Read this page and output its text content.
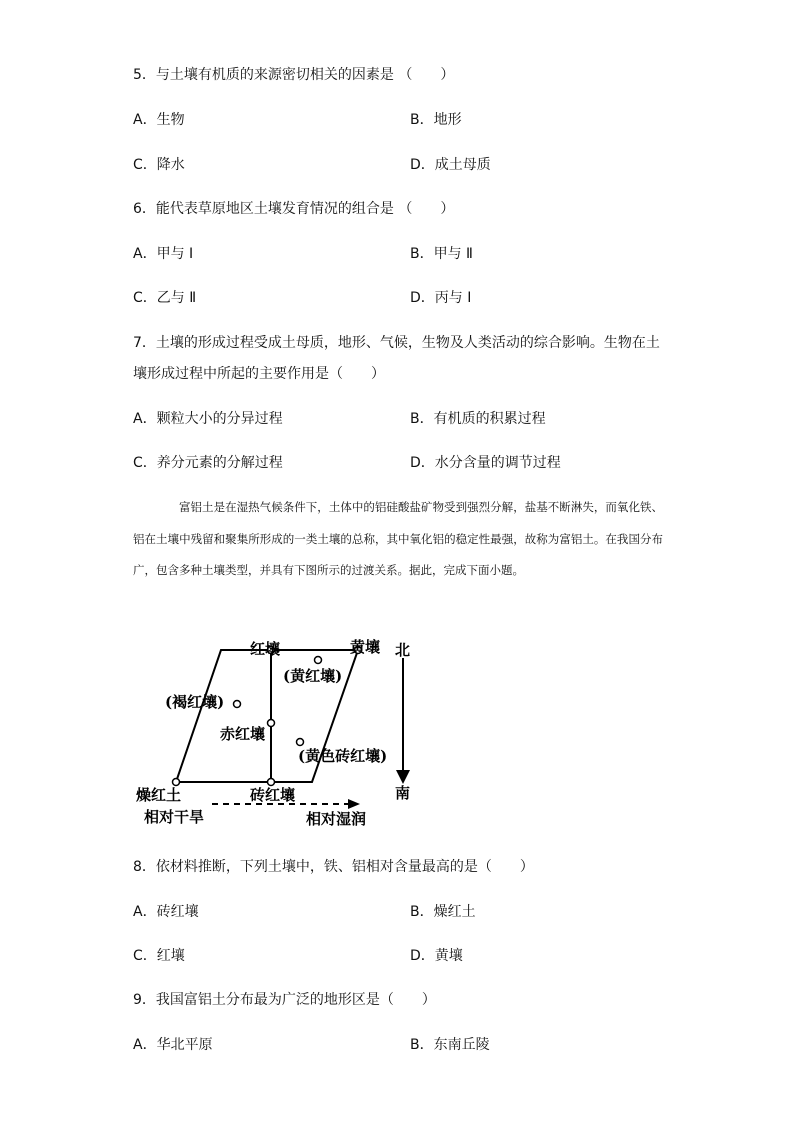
5．与土壤有机质的来源密切相关的因素是 （　　）
A．生物	B．地形
C．降水	D．成土母质
6．能代表草原地区土壤发育情况的组合是 （　　）
A．甲与 Ⅰ	B．甲与 Ⅱ
C．乙与 Ⅱ	D．丙与 Ⅰ
7．土壤的形成过程受成土母质，地形、气候，生物及人类活动的综合影响。生物在土
壤形成过程中所起的主要作用是（　　）
A．颗粒大小的分异过程	B．有机质的积累过程
C．养分元素的分解过程	D．水分含量的调节过程

富铝土是在湿热气候条件下，土体中的铝硅酸盐矿物受到强烈分解，盐基不断淋失，而氧化铁、铝在土壤中残留和聚集所形成的一类土壤的总称，其中氧化铝的稳定性最强，故称为富铝土。在我国分布广，包含多种土壤类型，并具有下图所示的过渡关系。据此，完成下面小题。

红壤	黄壤
(黄红壤)
(褐红壤)
赤红壤
(黄色砖红壤)
燥红土	砖红壤
北
南
相对干旱	相对湿润
8．依材料推断，下列土壤中，铁、铝相对含量最高的是（　　）
A．砖红壤	B．燥红土
C．红壤	D．黄壤
9．我国富铝土分布最为广泛的地形区是（　　）
A．华北平原	B．东南丘陵
